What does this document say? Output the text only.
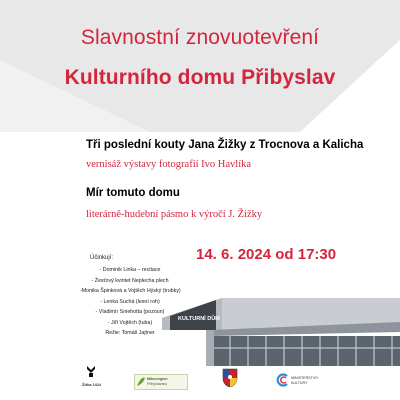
Slavnostní znovuotevření
Kulturního domu Přibyslav
Tři poslední kouty Jana Žižky z Trocnova a Kalicha
vernisáž výstavy fotografií Ivo Havlíka
Mír tomuto domu
literárně-hudební pásmo k výročí J. Žižky
14. 6. 2024 od 17:30
Účinkují:
- Dominik Linka – recitace
- Žesťový kvintet Neplecha plech
-Monika Špinková a Vojtěch Hýský (trubky)
- Lenka Suchá (lesní roh)
- Vladimír Sniehotta (pozoun)
- Jiří Vojtěch (tuba)
Režie: Tomáš Jajtner
KULTURNÍ DŮM
Žižka 1424
Mikroregion
Přibyslavsko
MINISTERSTVO
KULTURY
